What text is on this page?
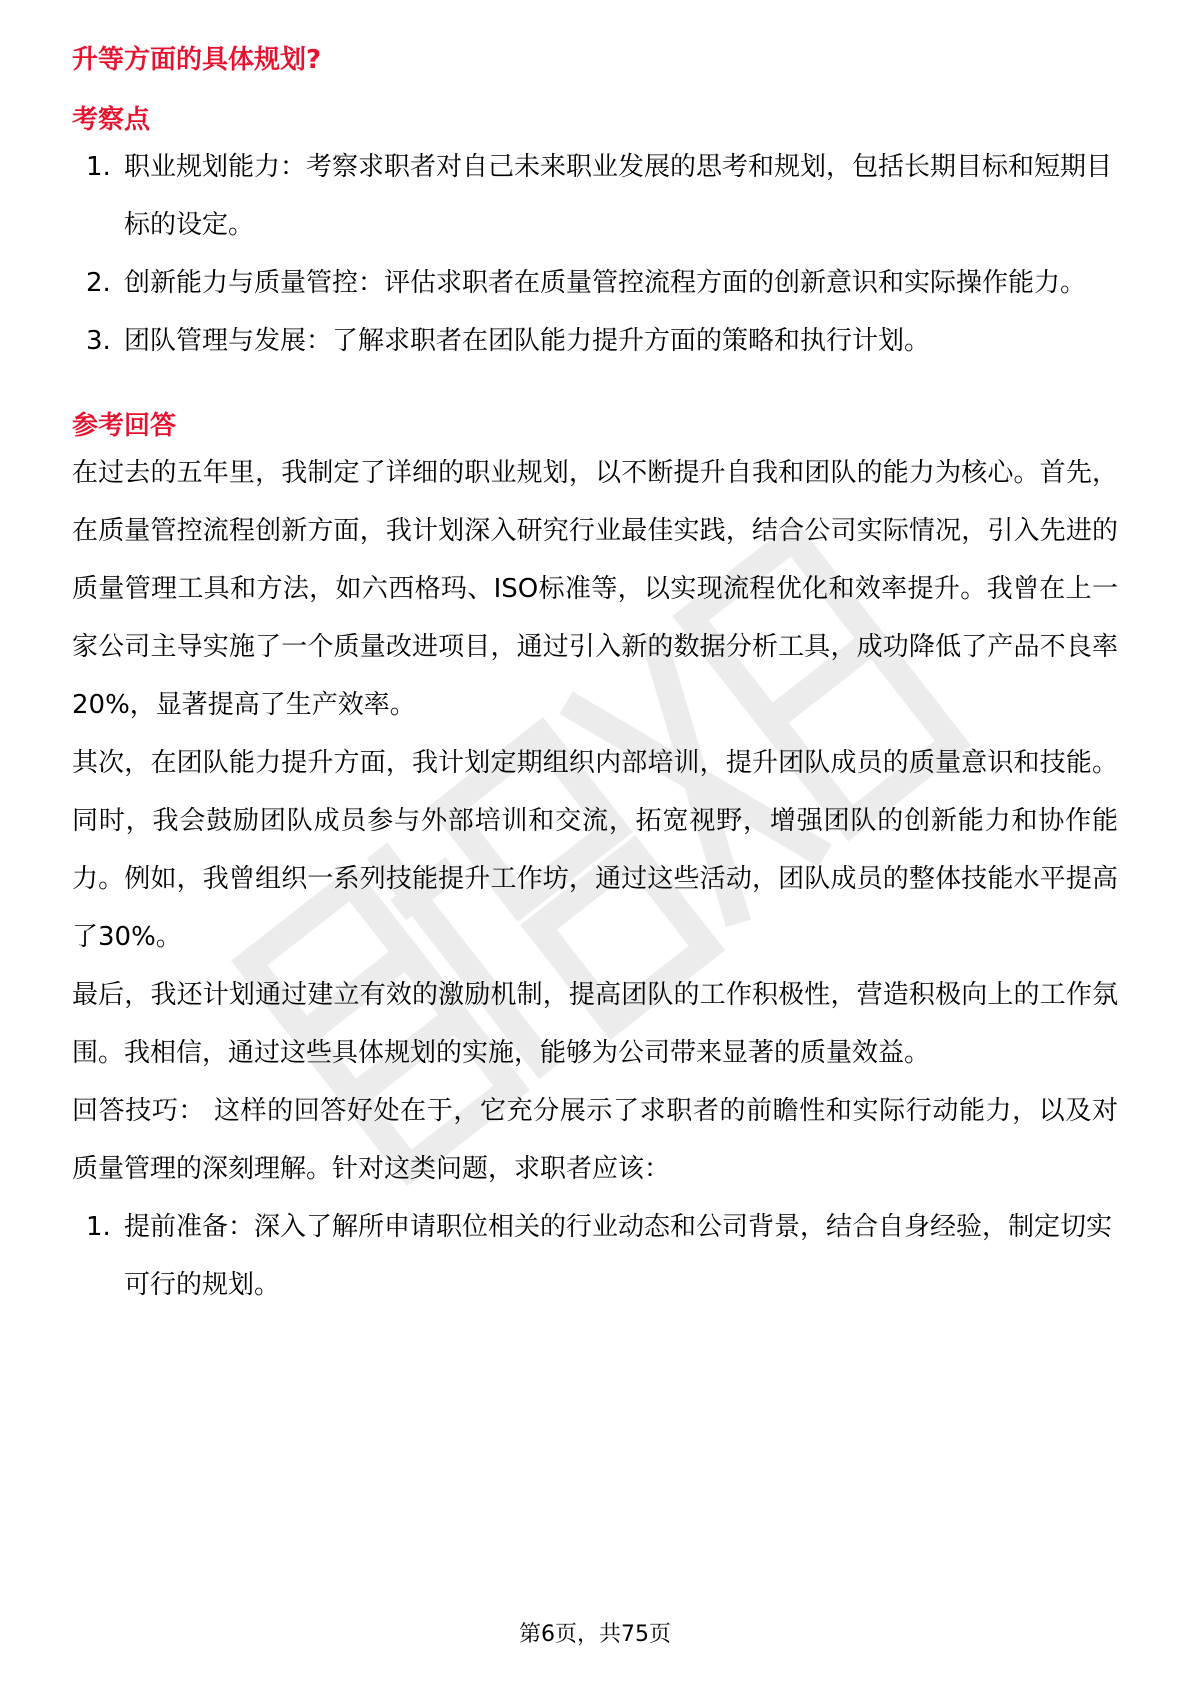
升等方面的具体规划?
考察点
1. 职业规划能力：考察求职者对自己未来职业发展的思考和规划，包括长期目标和短期目标的设定。
2. 创新能力与质量管控：评估求职者在质量管控流程方面的创新意识和实际操作能力。
3. 团队管理与发展：了解求职者在团队能力提升方面的策略和执行计划。
参考回答

在过去的五年里，我制定了详细的职业规划，以不断提升自我和团队的能力为核心。首先，在质量管控流程创新方面，我计划深入研究行业最佳实践，结合公司实际情况，引入先进的质量管理工具和方法，如六西格玛、ISO标准等，以实现流程优化和效率提升。我曾在上一家公司主导实施了一个质量改进项目，通过引入新的数据分析工具，成功降低了产品不良率20%，显著提高了生产效率。

其次，在团队能力提升方面，我计划定期组织内部培训，提升团队成员的质量意识和技能。同时，我会鼓励团队成员参与外部培训和交流，拓宽视野，增强团队的创新能力和协作能力。例如，我曾组织一系列技能提升工作坊，通过这些活动，团队成员的整体技能水平提高了30%。

最后，我还计划通过建立有效的激励机制，提高团队的工作积极性，营造积极向上的工作氛围。我相信，通过这些具体规划的实施，能够为公司带来显著的质量效益。

回答技巧： 这样的回答好处在于，它充分展示了求职者的前瞻性和实际行动能力，以及对质量管理的深刻理解。针对这类问题，求职者应该：

1. 提前准备：深入了解所申请职位相关的行业动态和公司背景，结合自身经验，制定切实可行的规划。
第6页，共75页
